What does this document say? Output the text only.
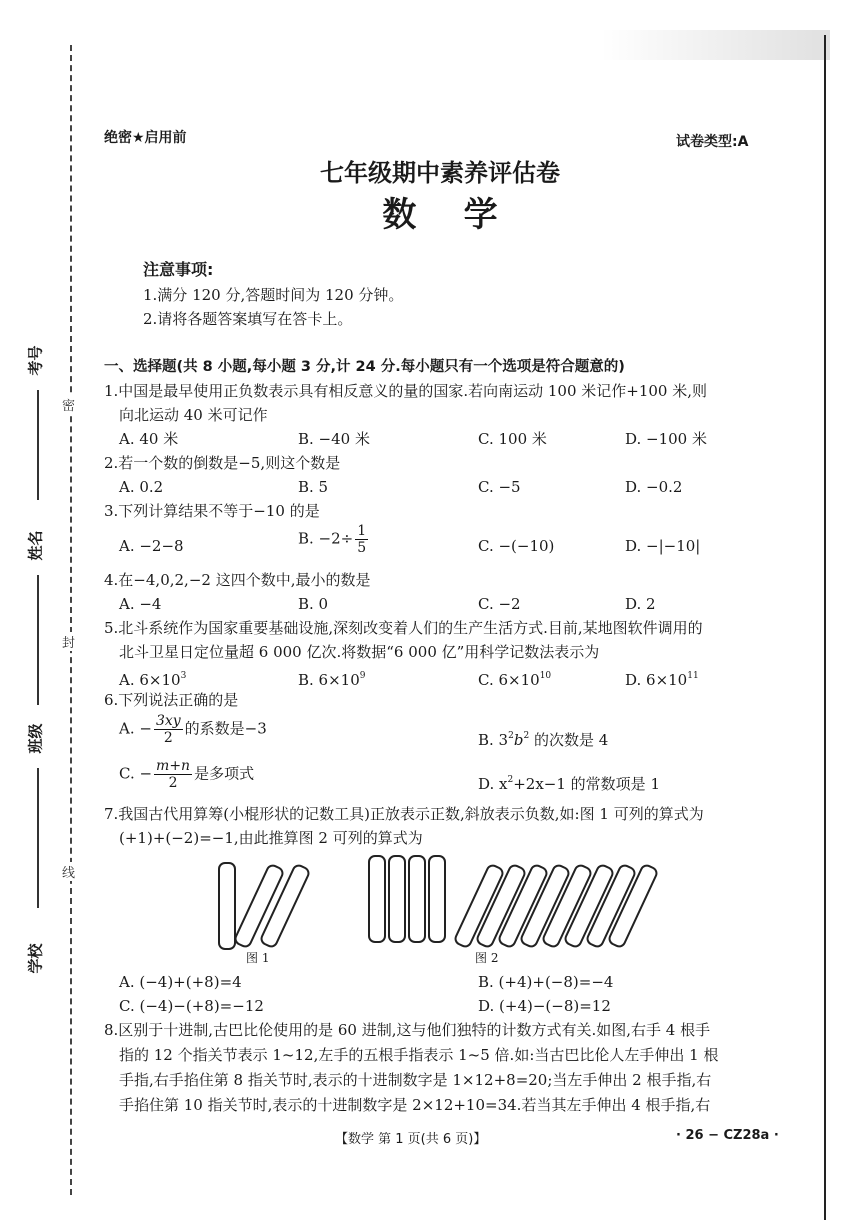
密
封
线
考号
姓名
班级
学校
绝密★启用前	试卷类型:A
七年级期中素养评估卷
数    学
注意事项:
1.满分 120 分,答题时间为 120 分钟。
2.请将各题答案填写在答卡上。
一、选择题(共 8 小题,每小题 3 分,计 24 分.每小题只有一个选项是符合题意的)
1.中国是最早使用正负数表示具有相反意义的量的国家.若向南运动 100 米记作+100 米,则
向北运动 40 米可记作
A. 40 米	B. −40 米	C. 100 米	D. −100 米
2.若一个数的倒数是−5,则这个数是
A. 0.2	B. 5	C. −5	D. −0.2
3.下列计算结果不等于−10 的是
A. −2−8	B. $-2\div \frac{1}{5}$	C. −(−10)	D. −|−10|
4.在−4,0,2,−2 这四个数中,最小的数是
A. −4	B. 0	C. −2	D. 2
5.北斗系统作为国家重要基础设施,深刻改变着人们的生产生活方式.目前,某地图软件调用的
北斗卫星日定位量超 6 000 亿次.将数据“6 000 亿”用科学记数法表示为
A. $6\times 10^3$	B. $6\times 10^9$	C. $6\times 10^{10}$	D. $6\times 10^{11}$
6.下列说法正确的是
A. − $\frac{3xy}{2}$ 的系数是−3
B. $3^2b^2$ 的次数是 4
C. − $\frac{m+n}{2}$ 是多项式
D. $x^2+2x-1$ 的常数项是 1
7.我国古代用算筹(小棍形状的记数工具)正放表示正数,斜放表示负数,如:图 1 可列的算式为
(+1)+(−2)=−1,由此推算图 2 可列的算式为
图 1	图 2
A. (−4)+(+8)=4	B. (+4)+(−8)=−4
C. (−4)−(+8)=−12	D. (+4)−(−8)=12
8.区别于十进制,古巴比伦使用的是 60 进制,这与他们独特的计数方式有关.如图,右手 4 根手
指的 12 个指关节表示 1~12,左手的五根手指表示 1~5 倍.如:当古巴比伦人左手伸出 1 根
手指,右手掐住第 8 指关节时,表示的十进制数字是 1×12+8=20;当左手伸出 2 根手指,右
手掐住第 10 指关节时,表示的十进制数字是 2×12+10=34.若当其左手伸出 4 根手指,右
【数学 第 1 页(共 6 页)】	· 26 − CZ28a ·
